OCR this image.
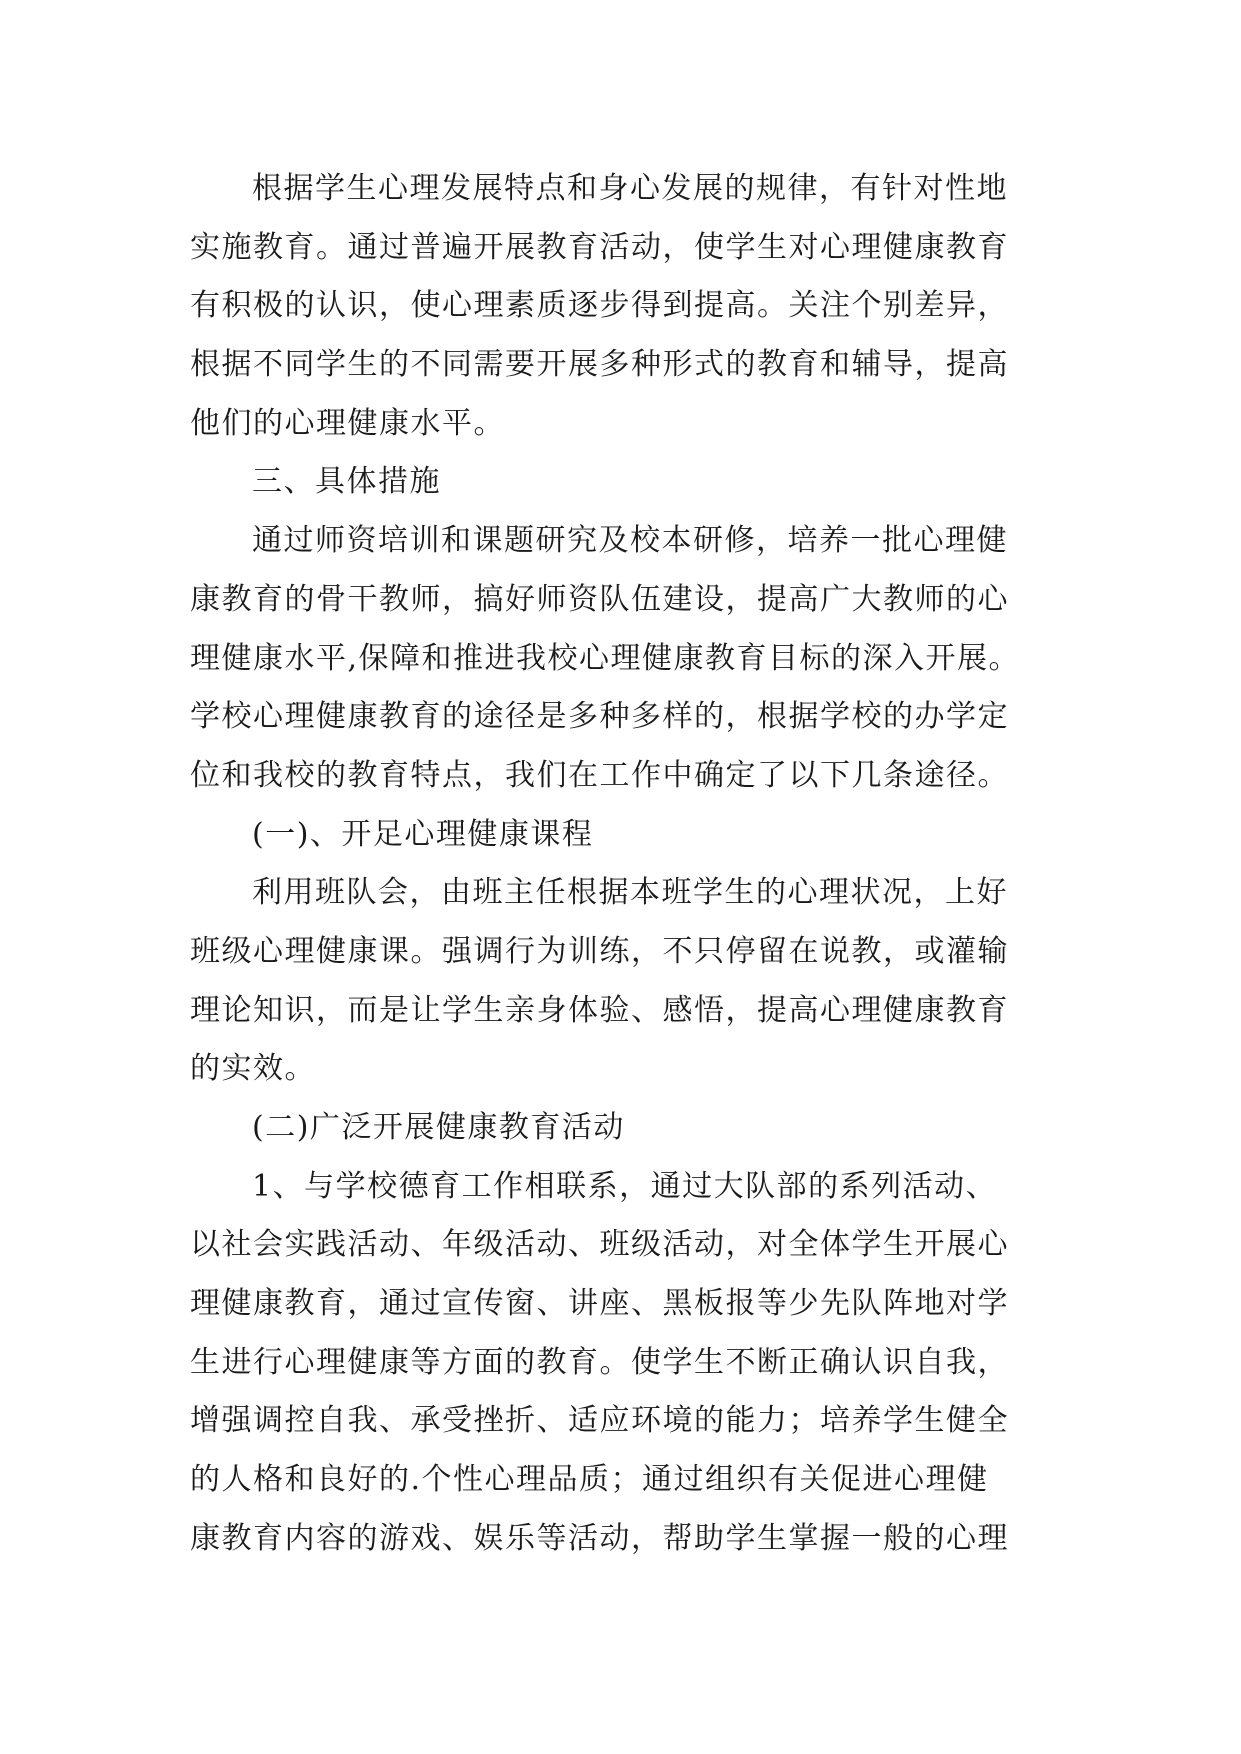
根据学生心理发展特点和身心发展的规律，有针对性地
实施教育。通过普遍开展教育活动，使学生对心理健康教育
有积极的认识，使心理素质逐步得到提高。关注个别差异，
根据不同学生的不同需要开展多种形式的教育和辅导，提高
他们的心理健康水平。
三、具体措施
通过师资培训和课题研究及校本研修，培养一批心理健
康教育的骨干教师，搞好师资队伍建设，提高广大教师的心
理健康水平,保障和推进我校心理健康教育目标的深入开展。
学校心理健康教育的途径是多种多样的，根据学校的办学定
位和我校的教育特点，我们在工作中确定了以下几条途径。
(一)、开足心理健康课程
利用班队会，由班主任根据本班学生的心理状况，上好
班级心理健康课。强调行为训练，不只停留在说教，或灌输
理论知识，而是让学生亲身体验、感悟，提高心理健康教育
的实效。
(二)广泛开展健康教育活动
1、与学校德育工作相联系，通过大队部的系列活动、
以社会实践活动、年级活动、班级活动，对全体学生开展心
理健康教育，通过宣传窗、讲座、黑板报等少先队阵地对学
生进行心理健康等方面的教育。使学生不断正确认识自我，
增强调控自我、承受挫折、适应环境的能力；培养学生健全
的人格和良好的.个性心理品质；通过组织有关促进心理健
康教育内容的游戏、娱乐等活动，帮助学生掌握一般的心理
